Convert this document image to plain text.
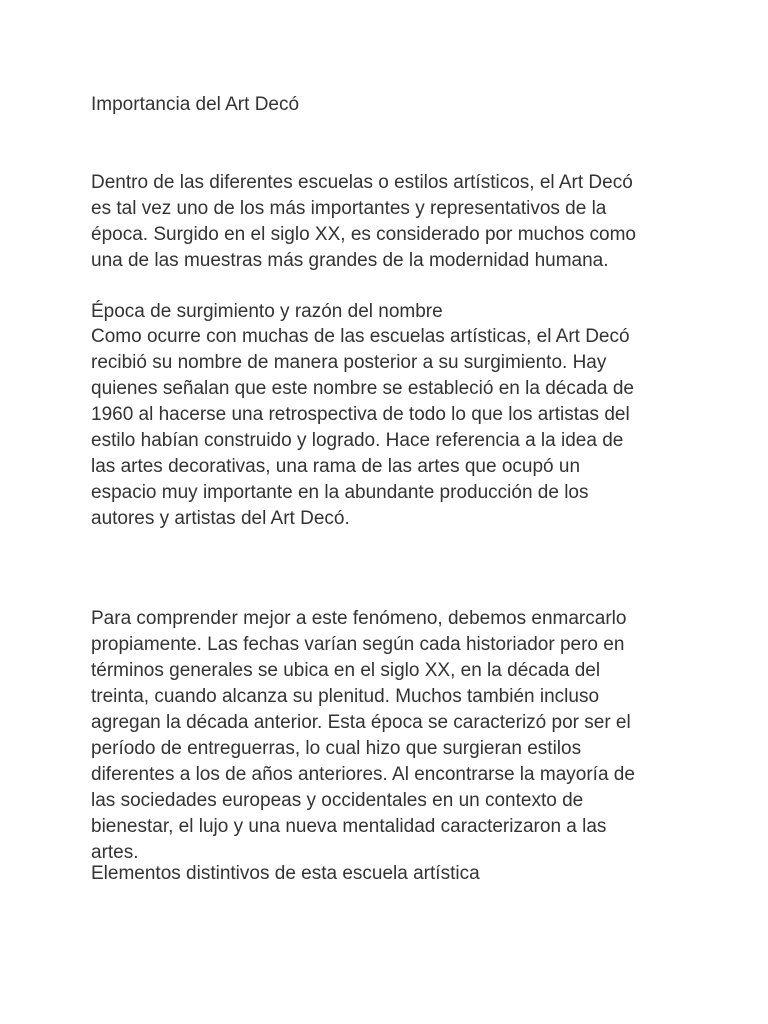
Importancia del Art Decó
Dentro de las diferentes escuelas o estilos artísticos, el Art Decó
es tal vez uno de los más importantes y representativos de la
época. Surgido en el siglo XX, es considerado por muchos como
una de las muestras más grandes de la modernidad humana.
Época de surgimiento y razón del nombre
Como ocurre con muchas de las escuelas artísticas, el Art Decó
recibió su nombre de manera posterior a su surgimiento. Hay
quienes señalan que este nombre se estableció en la década de
1960 al hacerse una retrospectiva de todo lo que los artistas del
estilo habían construido y logrado. Hace referencia a la idea de
las artes decorativas, una rama de las artes que ocupó un
espacio muy importante en la abundante producción de los
autores y artistas del Art Decó.
Para comprender mejor a este fenómeno, debemos enmarcarlo
propiamente. Las fechas varían según cada historiador pero en
términos generales se ubica en el siglo XX, en la década del
treinta, cuando alcanza su plenitud. Muchos también incluso
agregan la década anterior. Esta época se caracterizó por ser el
período de entreguerras, lo cual hizo que surgieran estilos
diferentes a los de años anteriores. Al encontrarse la mayoría de
las sociedades europeas y occidentales en un contexto de
bienestar, el lujo y una nueva mentalidad caracterizaron a las
artes.
Elementos distintivos de esta escuela artística
